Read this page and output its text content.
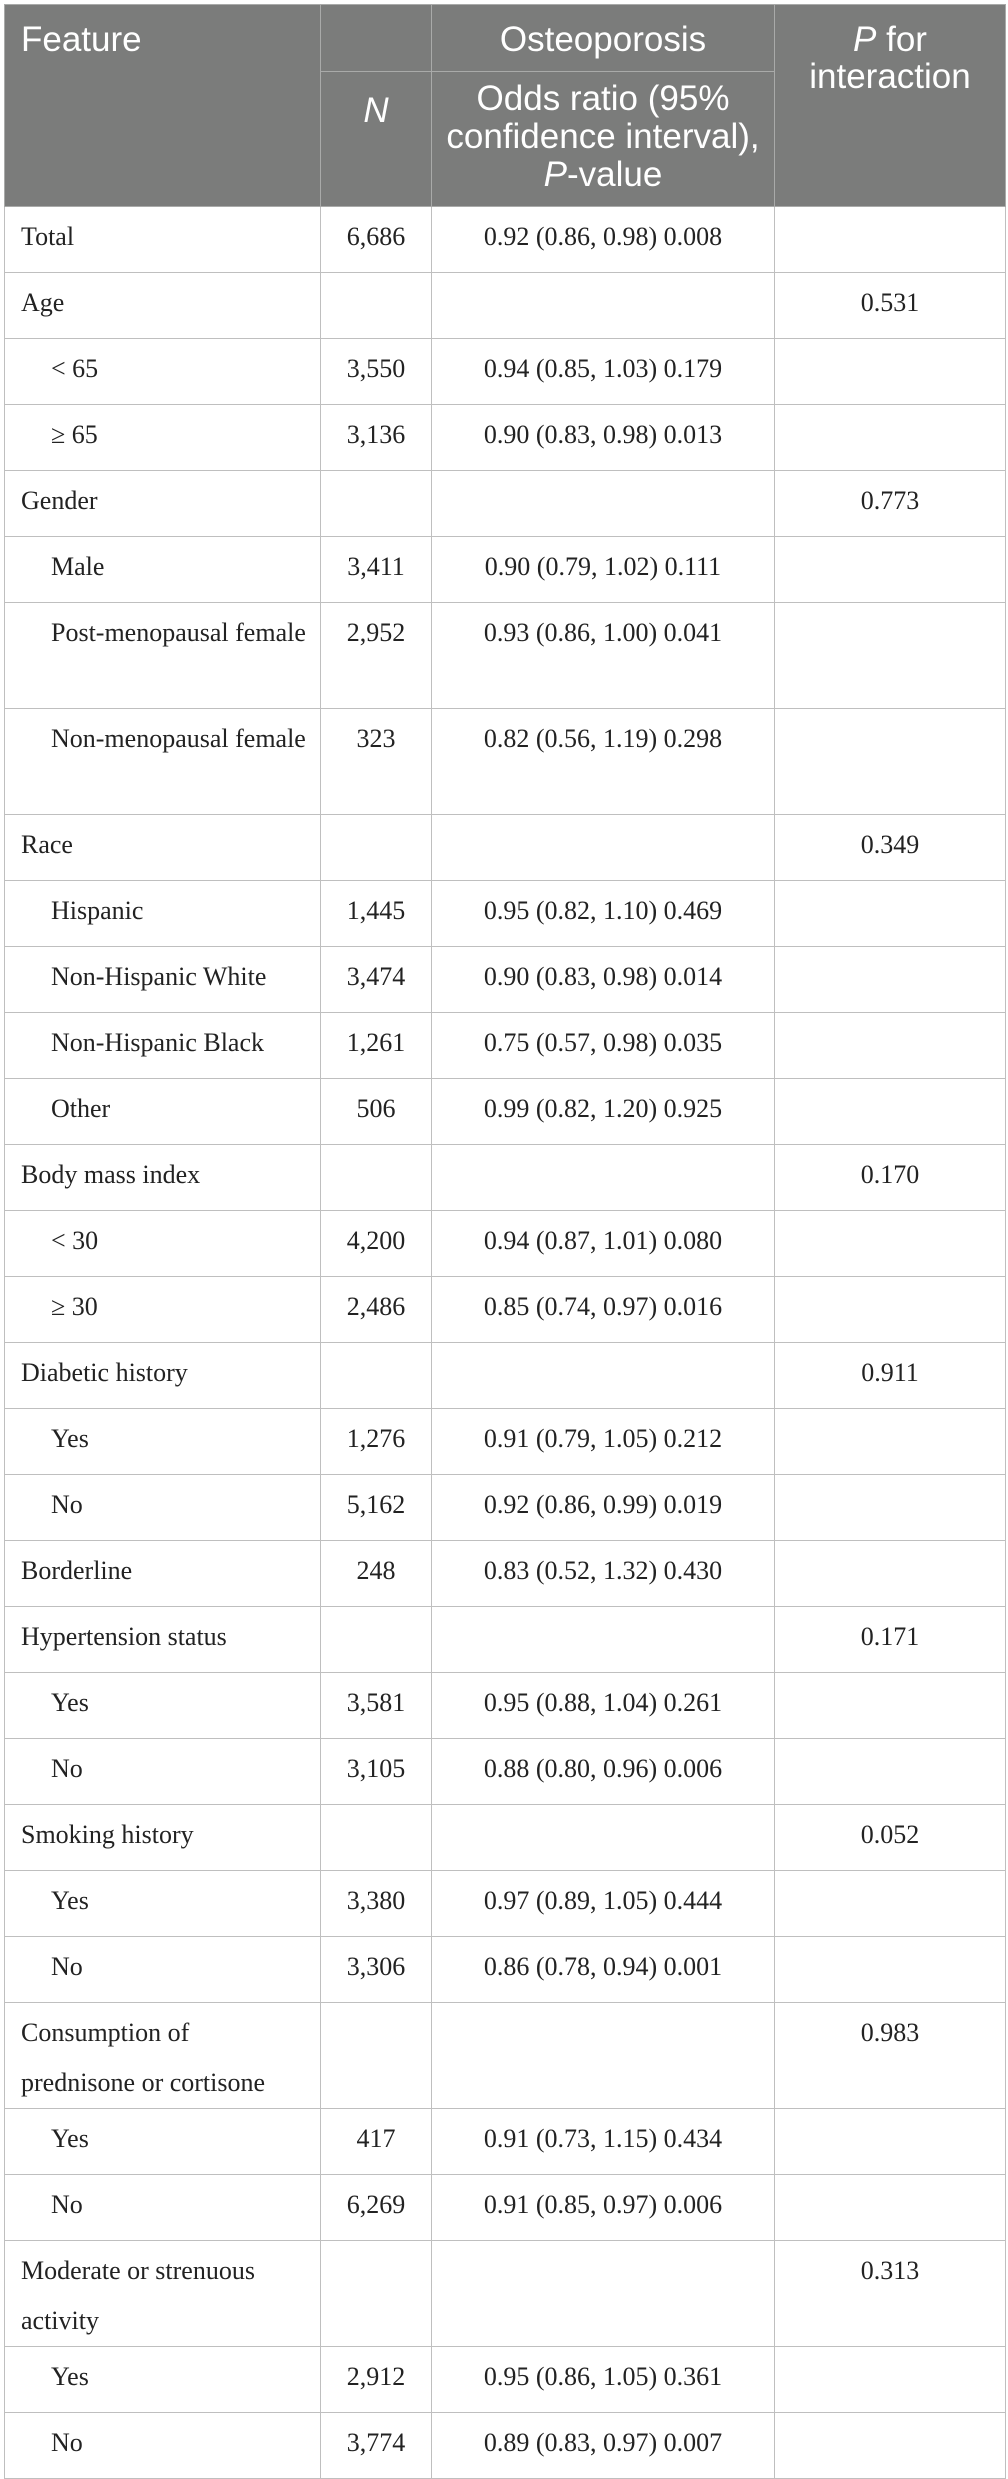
Feature		Osteoporosis	P for interaction
	N	Odds ratio (95% confidence interval), P-value	
Total	6,686	0.92 (0.86, 0.98) 0.008	
Age			0.531
< 65	3,550	0.94 (0.85, 1.03) 0.179	
≥ 65	3,136	0.90 (0.83, 0.98) 0.013	
Gender			0.773
Male	3,411	0.90 (0.79, 1.02) 0.111	
Post-menopausal female	2,952	0.93 (0.86, 1.00) 0.041	
Non-menopausal female	323	0.82 (0.56, 1.19) 0.298	
Race			0.349
Hispanic	1,445	0.95 (0.82, 1.10) 0.469	
Non-Hispanic White	3,474	0.90 (0.83, 0.98) 0.014	
Non-Hispanic Black	1,261	0.75 (0.57, 0.98) 0.035	
Other	506	0.99 (0.82, 1.20) 0.925	
Body mass index			0.170
< 30	4,200	0.94 (0.87, 1.01) 0.080	
≥ 30	2,486	0.85 (0.74, 0.97) 0.016	
Diabetic history			0.911
Yes	1,276	0.91 (0.79, 1.05) 0.212	
No	5,162	0.92 (0.86, 0.99) 0.019	
Borderline	248	0.83 (0.52, 1.32) 0.430	
Hypertension status			0.171
Yes	3,581	0.95 (0.88, 1.04) 0.261	
No	3,105	0.88 (0.80, 0.96) 0.006	
Smoking history			0.052
Yes	3,380	0.97 (0.89, 1.05) 0.444	
No	3,306	0.86 (0.78, 0.94) 0.001	
Consumption of prednisone or cortisone			0.983
Yes	417	0.91 (0.73, 1.15) 0.434	
No	6,269	0.91 (0.85, 0.97) 0.006	
Moderate or strenuous activity			0.313
Yes	2,912	0.95 (0.86, 1.05) 0.361	
No	3,774	0.89 (0.83, 0.97) 0.007	
